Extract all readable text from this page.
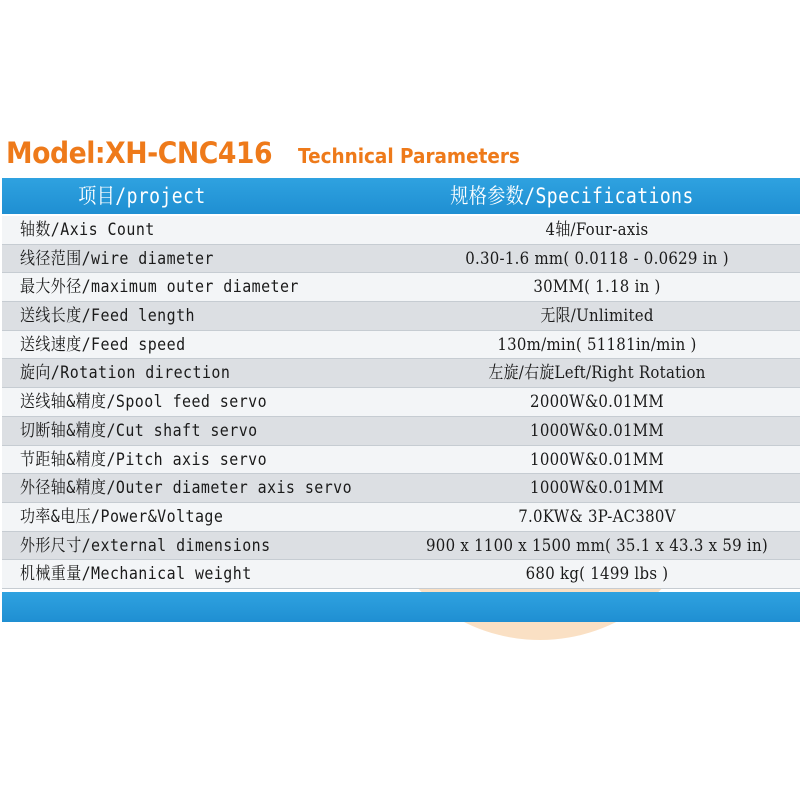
Model:XH-CNC416 Technical Parameters
项目/project	规格参数/Specifications
轴数/Axis Count	4轴/Four-axis
线径范围/wire diameter	0.30-1.6 mm( 0.0118 - 0.0629 in )
最大外径/maximum outer diameter	30MM( 1.18 in )
送线长度/Feed length	无限/Unlimited
送线速度/Feed speed	130m/min( 51181in/min )
旋向/Rotation direction	左旋/右旋Left/Right Rotation
送线轴&精度/Spool feed servo	2000W&0.01MM
切断轴&精度/Cut shaft servo	1000W&0.01MM
节距轴&精度/Pitch axis servo	1000W&0.01MM
外径轴&精度/Outer diameter axis servo	1000W&0.01MM
功率&电压/Power&Voltage	7.0KW& 3P-AC380V
外形尺寸/external dimensions	900 x 1100 x 1500 mm( 35.1 x 43.3 x 59 in)
机械重量/Mechanical weight	680 kg( 1499 lbs )
